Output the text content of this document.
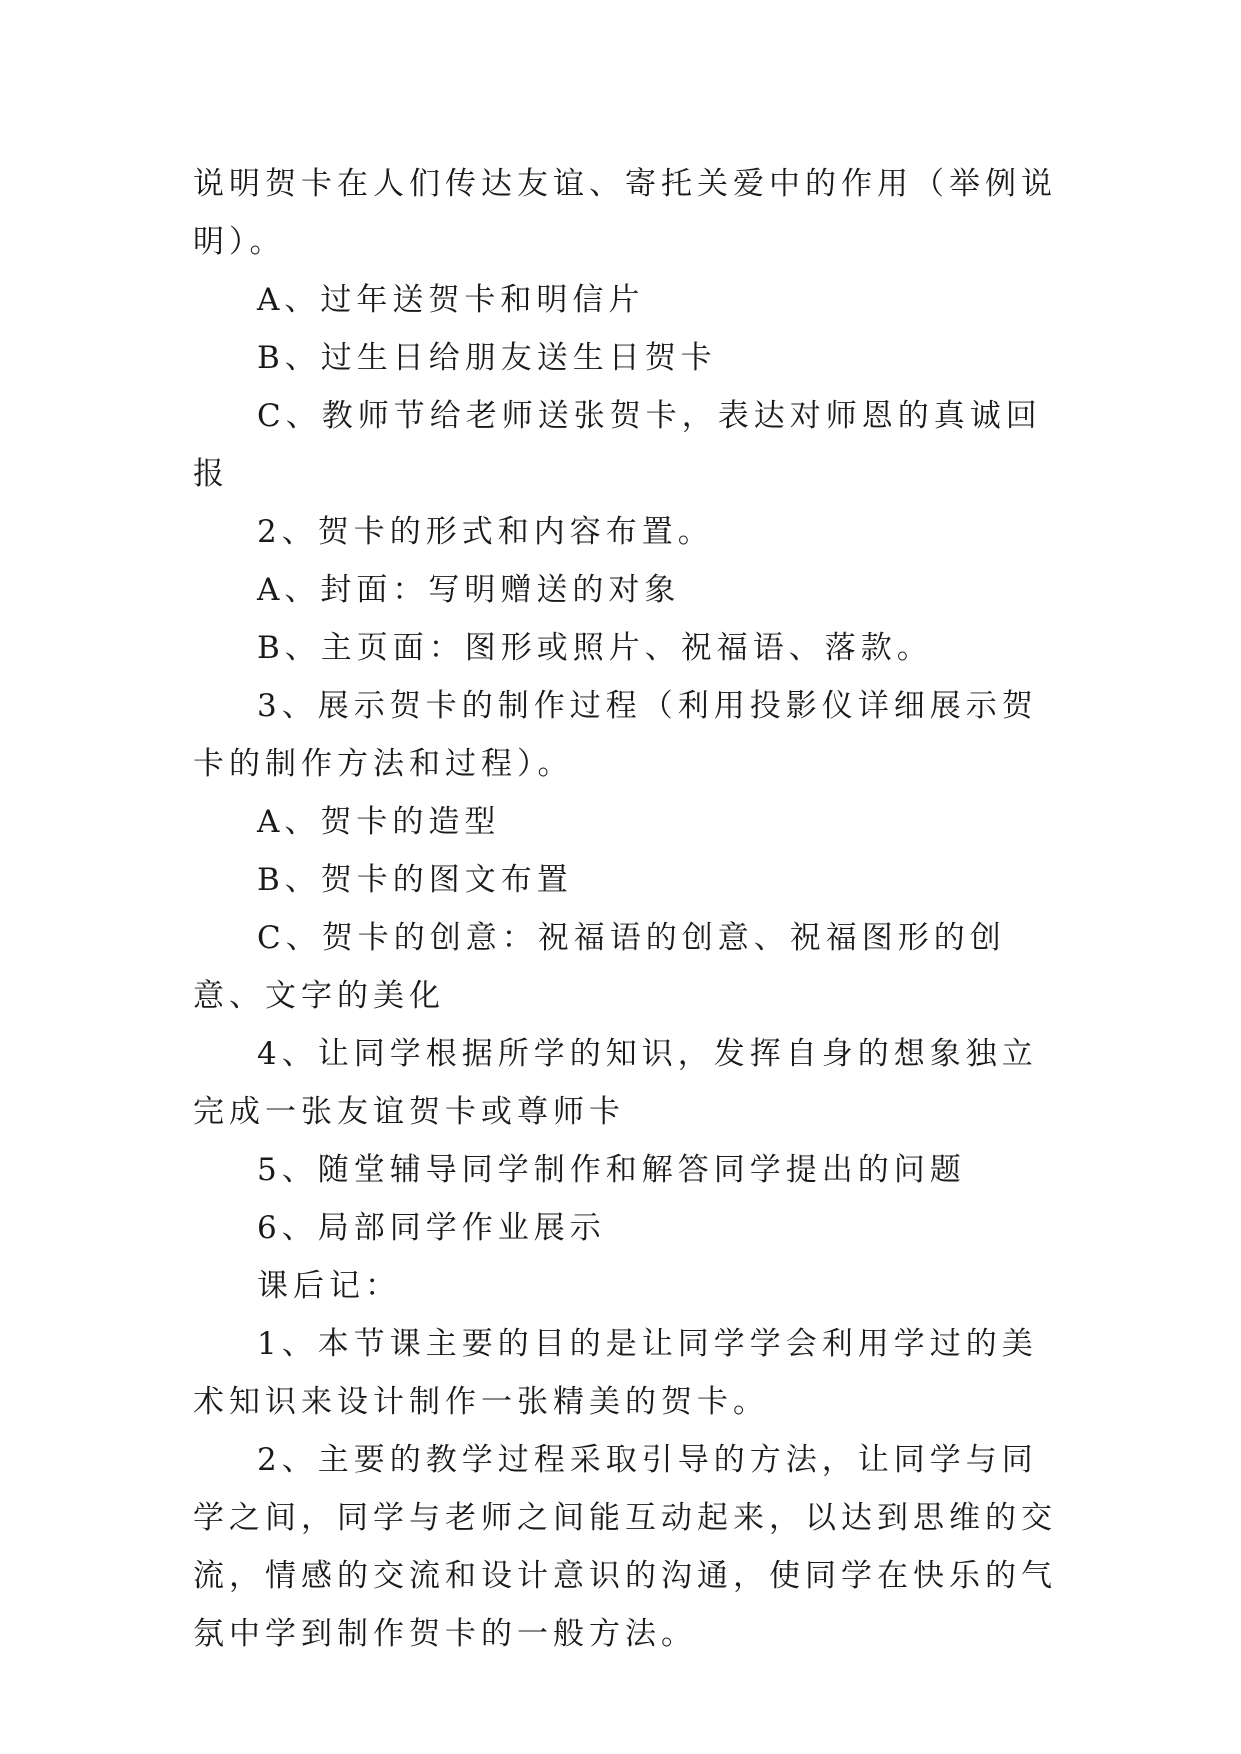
说明贺卡在人们传达友谊、寄托关爱中的作用（举例说明）。

A、过年送贺卡和明信片

B、过生日给朋友送生日贺卡

C、教师节给老师送张贺卡，表达对师恩的真诚回报

2、贺卡的形式和内容布置。

A、封面：写明赠送的对象

B、主页面：图形或照片、祝福语、落款。

3、展示贺卡的制作过程（利用投影仪详细展示贺卡的制作方法和过程）。

A、贺卡的造型

B、贺卡的图文布置

C、贺卡的创意：祝福语的创意、祝福图形的创意、文字的美化

4、让同学根据所学的知识，发挥自身的想象独立完成一张友谊贺卡或尊师卡

5、随堂辅导同学制作和解答同学提出的问题

6、局部同学作业展示

课后记：

1、本节课主要的目的是让同学学会利用学过的美术知识来设计制作一张精美的贺卡。

2、主要的教学过程采取引导的方法，让同学与同学之间，同学与老师之间能互动起来，以达到思维的交流，情感的交流和设计意识的沟通，使同学在快乐的气氛中学到制作贺卡的一般方法。
